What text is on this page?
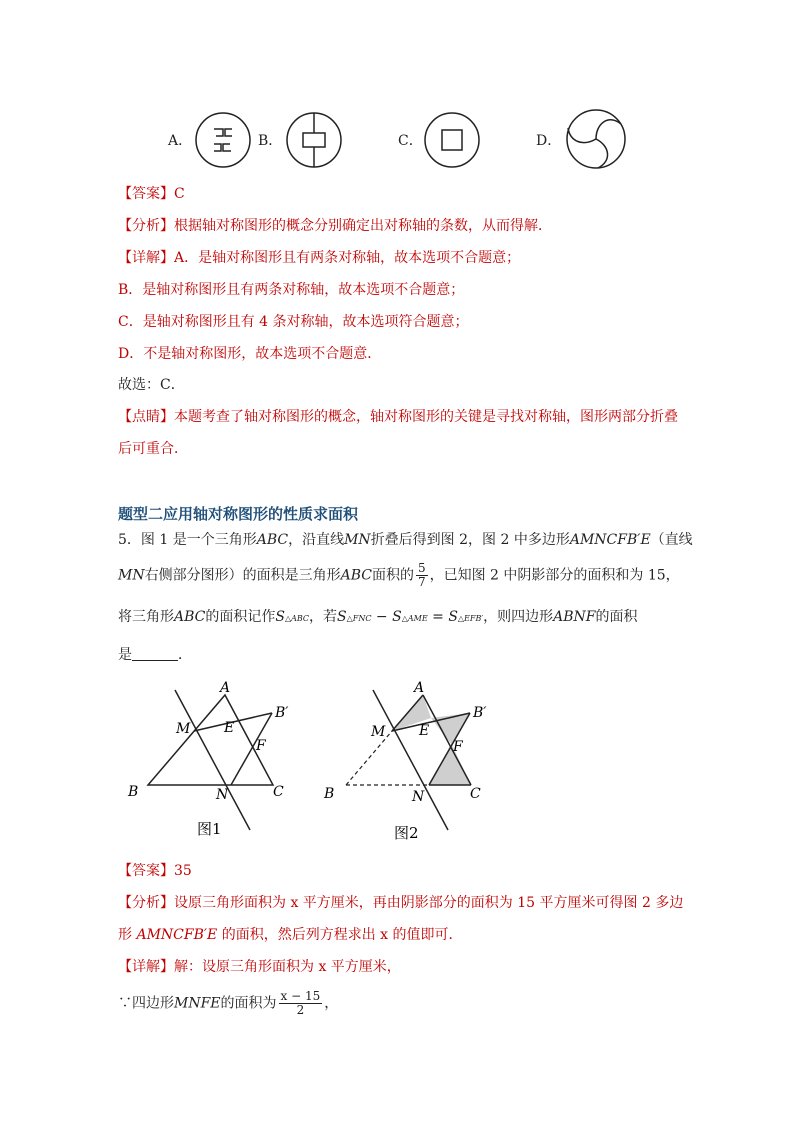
A．	B．	C．	D．
【答案】C
【分析】根据轴对称图形的概念分别确定出对称轴的条数，从而得解．
【详解】A．是轴对称图形且有两条对称轴，故本选项不合题意；
B．是轴对称图形且有两条对称轴，故本选项不合题意；
C．是轴对称图形且有 4 条对称轴，故本选项符合题意；
D．不是轴对称图形，故本选项不合题意．
故选：C．
【点睛】本题考查了轴对称图形的概念，轴对称图形的关键是寻找对称轴，图形两部分折叠
后可重合．
题型二应用轴对称图形的性质求面积
5．图 1 是一个三角形ABC，沿直线MN折叠后得到图 2，图 2 中多边形AMNCFB′E（直线
MN右侧部分图形）的面积是三角形ABC面积的 $\frac{5}{7}$ ，已知图 2 中阴影部分的面积和为 15，
将三角形ABC的面积记作S△ABC，若S△FNC − S△AME = S△EFB′，则四边形ABNF的面积
是	．
A
M E
B′
F
B	N	C
图1
A
M E
B′
F
B	N	C
图2
【答案】35
【分析】设原三角形面积为 x 平方厘米，再由阴影部分的面积为 15 平方厘米可得图 2 多边
形 AMNCFB′E 的面积，然后列方程求出 x 的值即可．
【详解】解：设原三角形面积为 x 平方厘米，
∵四边形MNFE的面积为 $\frac{x - 15}{2}$ ，
